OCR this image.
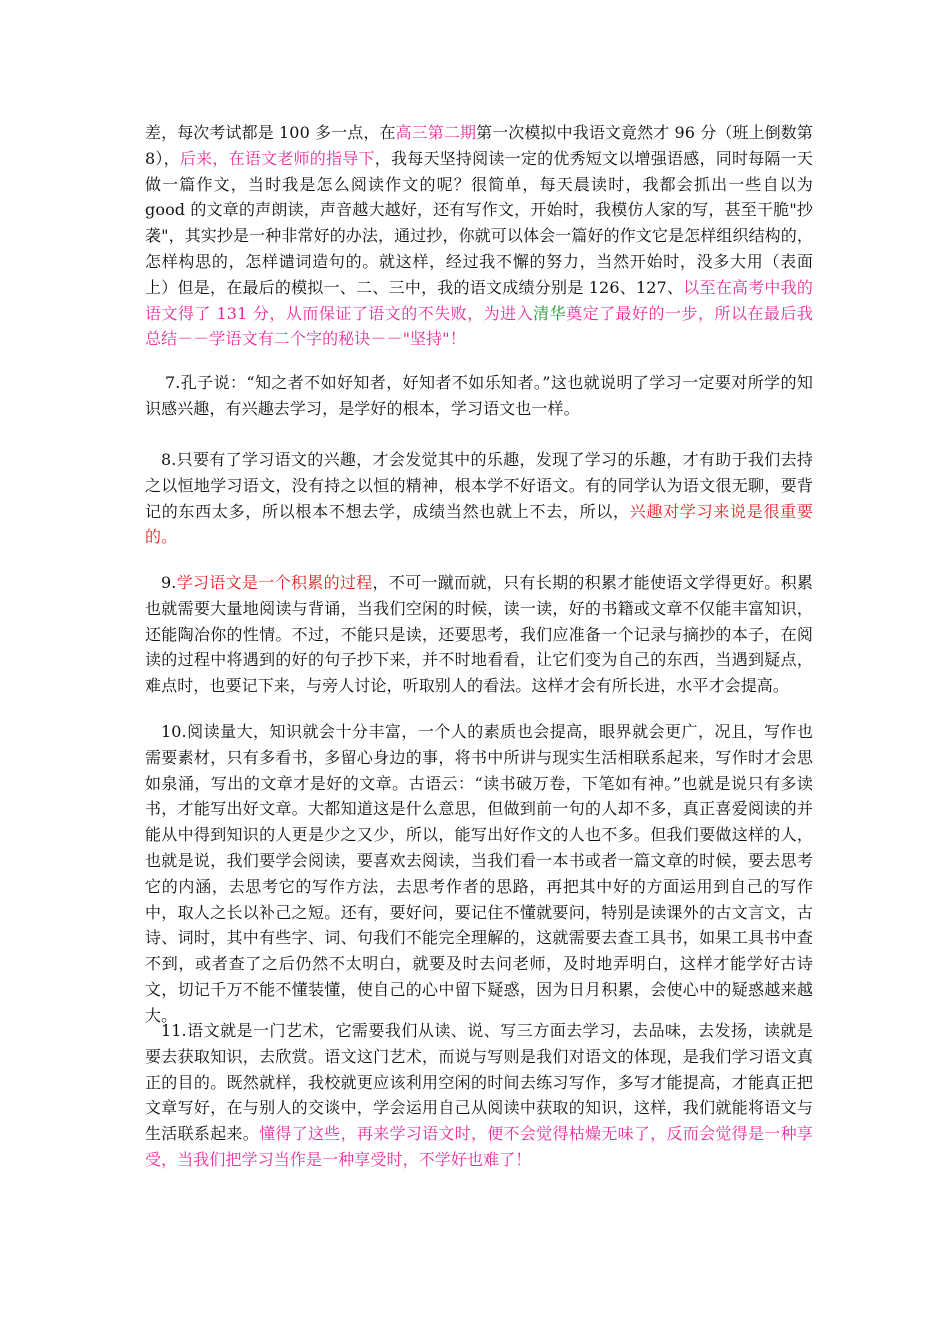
差，每次考试都是 100 多一点，在高三第二期第一次模拟中我语文竟然才 96 分（班上倒数第 8），后来，在语文老师的指导下，我每天坚持阅读一定的优秀短文以增强语感，同时每隔一天做一篇作文，当时我是怎么阅读作文的呢？很简单，每天晨读时，我都会抓出一些自以为 good 的文章的声朗读，声音越大越好，还有写作文，开始时，我模仿人家的写，甚至干脆"抄袭"，其实抄是一种非常好的办法，通过抄，你就可以体会一篇好的作文它是怎样组织结构的，怎样构思的，怎样谴词造句的。就这样，经过我不懈的努力，当然开始时，没多大用（表面上）但是，在最后的模拟一、二、三中，我的语文成绩分别是 126、127、以至在高考中我的语文得了 131 分，从而保证了语文的不失败，为进入清华奠定了最好的一步，所以在最后我总结－－学语文有二个字的秘诀－－"坚持"！

7.孔子说：“知之者不如好知者，好知者不如乐知者。”这也就说明了学习一定要对所学的知识感兴趣，有兴趣去学习，是学好的根本，学习语文也一样。

8.只要有了学习语文的兴趣，才会发觉其中的乐趣，发现了学习的乐趣，才有助于我们去持之以恒地学习语文，没有持之以恒的精神，根本学不好语文。有的同学认为语文很无聊，要背记的东西太多，所以根本不想去学，成绩当然也就上不去，所以，兴趣对学习来说是很重要的。

9.学习语文是一个积累的过程，不可一蹴而就，只有长期的积累才能使语文学得更好。积累也就需要大量地阅读与背诵，当我们空闲的时候，读一读，好的书籍或文章不仅能丰富知识，还能陶冶你的性情。不过，不能只是读，还要思考，我们应准备一个记录与摘抄的本子，在阅读的过程中将遇到的好的句子抄下来，并不时地看看，让它们变为自己的东西，当遇到疑点，难点时，也要记下来，与旁人讨论，听取别人的看法。这样才会有所长进，水平才会提高。

10.阅读量大，知识就会十分丰富，一个人的素质也会提高，眼界就会更广，况且，写作也需要素材，只有多看书，多留心身边的事，将书中所讲与现实生活相联系起来，写作时才会思如泉涌，写出的文章才是好的文章。古语云：“读书破万卷，下笔如有神。”也就是说只有多读书，才能写出好文章。大都知道这是什么意思，但做到前一句的人却不多，真正喜爱阅读的并能从中得到知识的人更是少之又少，所以，能写出好作文的人也不多。但我们要做这样的人，也就是说，我们要学会阅读，要喜欢去阅读，当我们看一本书或者一篇文章的时候，要去思考它的内涵，去思考它的写作方法，去思考作者的思路，再把其中好的方面运用到自己的写作中，取人之长以补己之短。还有，要好问，要记住不懂就要问，特别是读课外的古文言文，古诗、词时，其中有些字、词、句我们不能完全理解的，这就需要去查工具书，如果工具书中查不到，或者查了之后仍然不太明白，就要及时去问老师，及时地弄明白，这样才能学好古诗文，切记千万不能不懂装懂，使自己的心中留下疑惑，因为日月积累，会使心中的疑惑越来越大。

11.语文就是一门艺术，它需要我们从读、说、写三方面去学习，去品味，去发扬，读就是要去获取知识，去欣赏。语文这门艺术，而说与写则是我们对语文的体现，是我们学习语文真正的目的。既然就样，我校就更应该利用空闲的时间去练习写作，多写才能提高，才能真正把文章写好，在与别人的交谈中，学会运用自己从阅读中获取的知识，这样，我们就能将语文与生活联系起来。懂得了这些，再来学习语文时，便不会觉得枯燥无味了，反而会觉得是一种享受，当我们把学习当作是一种享受时，不学好也难了！
